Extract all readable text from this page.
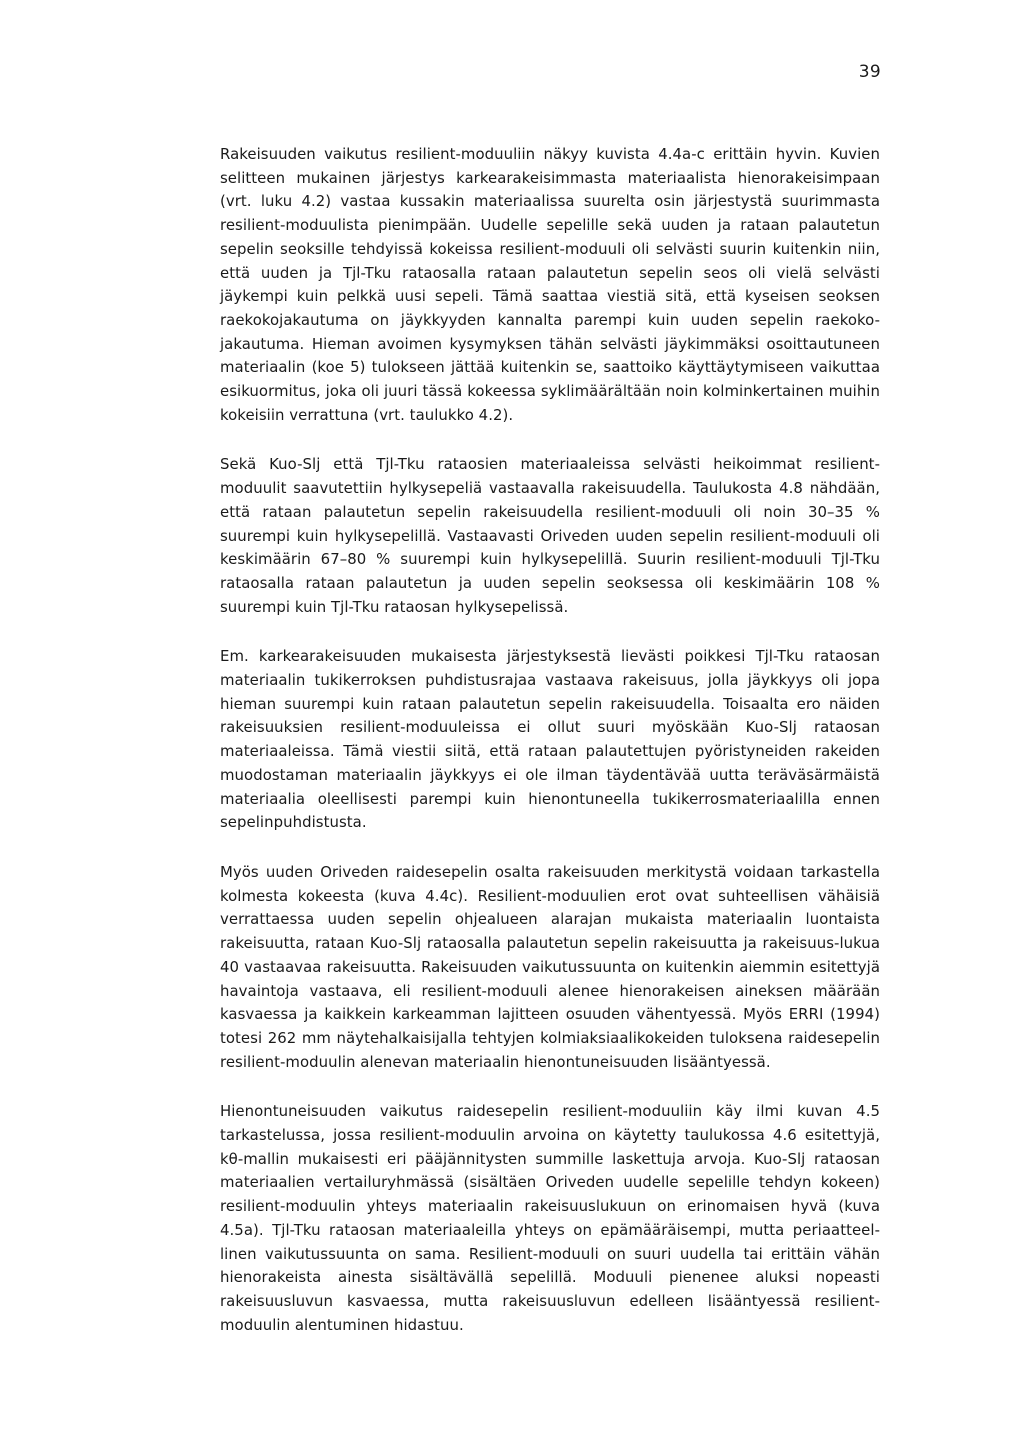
39

Rakeisuuden vaikutus resilient-moduuliin näkyy kuvista 4.4a-c erittäin hyvin. Kuvien selitteen mukainen järjestys karkearakeisimmasta materiaalista hienorakeisimpaan (vrt. luku 4.2) vastaa kussakin materiaalissa suurelta osin järjestystä suurimmasta resilient-moduulista pienimpään. Uudelle sepelille sekä uuden ja rataan palautetun sepelin seoksille tehdyissä kokeissa resilient-moduuli oli selvästi suurin kuitenkin niin, että uuden ja Tjl-Tku rataosalla rataan palautetun sepelin seos oli vielä selvästi jäykempi kuin pelkkä uusi sepeli. Tämä saattaa viestiä sitä, että kyseisen seoksen raekokojakautuma on jäykkyyden kannalta parempi kuin uuden sepelin raekoko-jakautuma. Hieman avoimen kysymyksen tähän selvästi jäykimmäksi osoittautuneen materiaalin (koe 5) tulokseen jättää kuitenkin se, saattoiko käyttäytymiseen vaikuttaa esikuormitus, joka oli juuri tässä kokeessa syklimäärältään noin kolminkertainen muihin kokeisiin verrattuna (vrt. taulukko 4.2).

Sekä Kuo-Slj että Tjl-Tku rataosien materiaaleissa selvästi heikoimmat resilient-moduulit saavutettiin hylkysepeliä vastaavalla rakeisuudella. Taulukosta 4.8 nähdään, että rataan palautetun sepelin rakeisuudella resilient-moduuli oli noin 30–35 % suurempi kuin hylkysepelillä. Vastaavasti Oriveden uuden sepelin resilient-moduuli oli keskimäärin 67–80 % suurempi kuin hylkysepelillä. Suurin resilient-moduuli Tjl-Tku rataosalla rataan palautetun ja uuden sepelin seoksessa oli keskimäärin 108 % suurempi kuin Tjl-Tku rataosan hylkysepelissä.

Em. karkearakeisuuden mukaisesta järjestyksestä lievästi poikkesi Tjl-Tku rataosan materiaalin tukikerroksen puhdistusrajaa vastaava rakeisuus, jolla jäykkyys oli jopa hieman suurempi kuin rataan palautetun sepelin rakeisuudella. Toisaalta ero näiden rakeisuuksien resilient-moduuleissa ei ollut suuri myöskään Kuo-Slj rataosan materiaaleissa. Tämä viestii siitä, että rataan palautettujen pyöristyneiden rakeiden muodostaman materiaalin jäykkyys ei ole ilman täydentävää uutta teräväsärmäistä materiaalia oleellisesti parempi kuin hienontuneella tukikerrosmateriaalilla ennen sepelinpuhdistusta.

Myös uuden Oriveden raidesepelin osalta rakeisuuden merkitystä voidaan tarkastella kolmesta kokeesta (kuva 4.4c). Resilient-moduulien erot ovat suhteellisen vähäisiä verrattaessa uuden sepelin ohjealueen alarajan mukaista materiaalin luontaista rakeisuutta, rataan Kuo-Slj rataosalla palautetun sepelin rakeisuutta ja rakeisuus-lukua 40 vastaavaa rakeisuutta. Rakeisuuden vaikutussuunta on kuitenkin aiemmin esitettyjä havaintoja vastaava, eli resilient-moduuli alenee hienorakeisen aineksen määrään kasvaessa ja kaikkein karkeamman lajitteen osuuden vähentyessä. Myös ERRI (1994) totesi 262 mm näytehalkaisijalla tehtyjen kolmiaksiaalikokeiden tuloksena raidesepelin resilient-moduulin alenevan materiaalin hienontuneisuuden lisääntyessä.

Hienontuneisuuden vaikutus raidesepelin resilient-moduuliin käy ilmi kuvan 4.5 tarkastelussa, jossa resilient-moduulin arvoina on käytetty taulukossa 4.6 esitettyjä, kθ-mallin mukaisesti eri pääjännitysten summille laskettuja arvoja. Kuo-Slj rataosan materiaalien vertailuryhmässä (sisältäen Oriveden uudelle sepelille tehdyn kokeen) resilient-moduulin yhteys materiaalin rakeisuuslukuun on erinomaisen hyvä (kuva 4.5a). Tjl-Tku rataosan materiaaleilla yhteys on epämääräisempi, mutta periaatteel-linen vaikutussuunta on sama. Resilient-moduuli on suuri uudella tai erittäin vähän hienorakeista ainesta sisältävällä sepelillä. Moduuli pienenee aluksi nopeasti rakeisuusluvun kasvaessa, mutta rakeisuusluvun edelleen lisääntyessä resilient-moduulin alentuminen hidastuu.
